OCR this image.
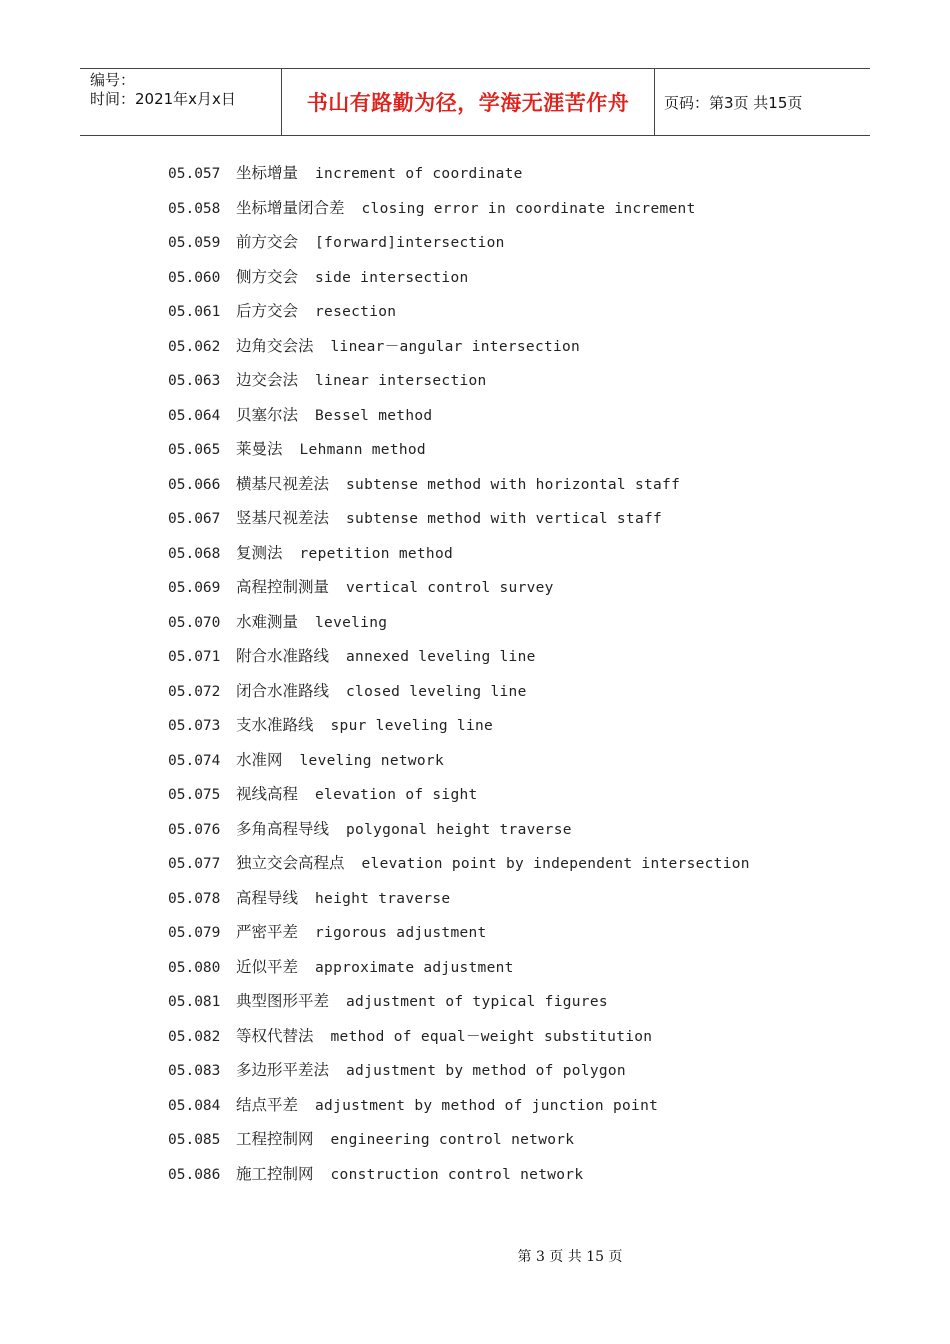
编号：
时间：2021年x月x日	书山有路勤为径，学海无涯苦作舟	页码：第3页 共15页
05.057 坐标增量 increment of coordinate
05.058 坐标增量闭合差 closing error in coordinate increment
05.059 前方交会 [forward]intersection
05.060 侧方交会 side intersection
05.061 后方交会 resection
05.062 边角交会法 linear－angular intersection
05.063 边交会法 linear intersection
05.064 贝塞尔法 Bessel method
05.065 莱曼法 Lehmann method
05.066 横基尺视差法 subtense method with horizontal staff
05.067 竖基尺视差法 subtense method with vertical staff
05.068 复测法 repetition method
05.069 高程控制测量 vertical control survey
05.070 水难测量 leveling
05.071 附合水准路线 annexed leveling line
05.072 闭合水准路线 closed leveling line
05.073 支水准路线 spur leveling line
05.074 水准网 leveling network
05.075 视线高程 elevation of sight
05.076 多角高程导线 polygonal height traverse
05.077 独立交会高程点 elevation point by independent intersection
05.078 高程导线 height traverse
05.079 严密平差 rigorous adjustment
05.080 近似平差 approximate adjustment
05.081 典型图形平差 adjustment of typical figures
05.082 等权代替法 method of equal－weight substitution
05.083 多边形平差法 adjustment by method of polygon
05.084 结点平差 adjustment by method of junction point
05.085 工程控制网 engineering control network
05.086 施工控制网 construction control network
第 3 页 共 15 页
